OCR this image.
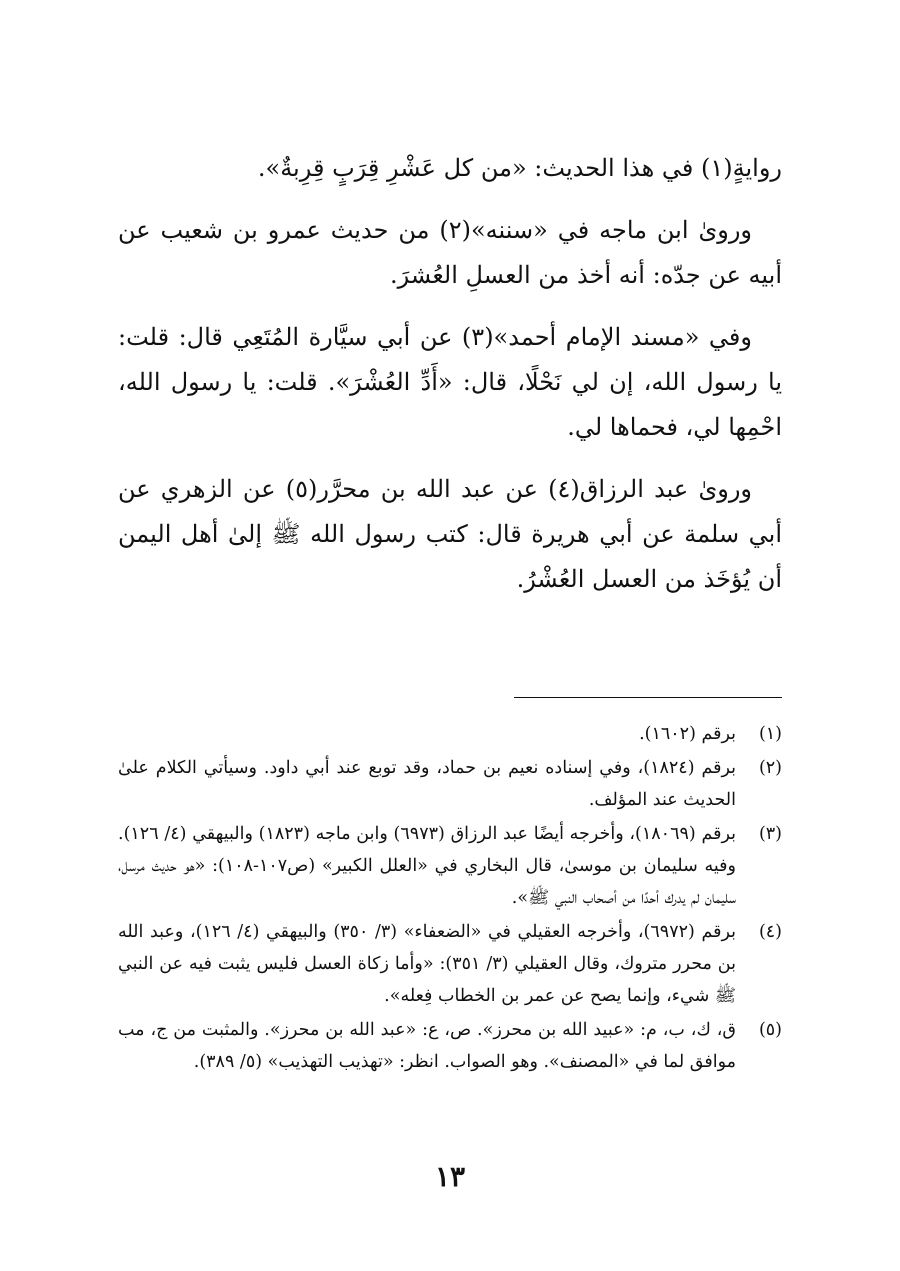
روايةٍ(١) في هذا الحديث: «من كل عَشْرِ قِرَبٍ قِرِبةٌ».

وروىٰ ابن ماجه في «سننه»(٢) من حديث عمرو بن شعيب عن أبيه عن جدّه: أنه أخذ من العسلِ العُشرَ.

وفي «مسند الإمام أحمد»(٣) عن أبي سيَّارة المُتَعِي قال: قلت: يا رسول الله، إن لي نَحْلًا، قال: «أَدِّ العُشْرَ». قلت: يا رسول الله، احْمِها لي، فحماها لي.

وروىٰ عبد الرزاق(٤) عن عبد الله بن محرَّر(٥) عن الزهري عن أبي سلمة عن أبي هريرة قال: كتب رسول الله ﷺ إلىٰ أهل اليمن أن يُؤخَذ من العسل العُشْرُ.

(١)
برقم (١٦٠٢).
(٢)
برقم (١٨٢٤)، وفي إسناده نعيم بن حماد، وقد توبع عند أبي داود. وسيأتي الكلام علىٰ الحديث عند المؤلف.
(٣)
برقم (١٨٠٦٩)، وأخرجه أيضًا عبد الرزاق (٦٩٧٣) وابن ماجه (١٨٢٣) والبيهقي (٤/ ١٢٦). وفيه سليمان بن موسىٰ، قال البخاري في «العلل الكبير» (ص١٠٧-١٠٨): «هو حديث مرسل، سليمان لم يدرك أحدًا من أصحاب النبي ﷺ».
(٤)
برقم (٦٩٧٢)، وأخرجه العقيلي في «الضعفاء» (٣/ ٣٥٠) والبيهقي (٤/ ١٢٦)، وعبد الله بن محرر متروك، وقال العقيلي (٣/ ٣٥١): «وأما زكاة العسل فليس يثبت فيه عن النبي ﷺ شيء، وإنما يصح عن عمر بن الخطاب فِعله».
(٥)
ق، ك، ب، م: «عبيد الله بن محرز». ص، ع: «عبد الله بن محرز». والمثبت من ج، مب موافق لما في «المصنف». وهو الصواب. انظر: «تهذيب التهذيب» (٥/ ٣٨٩).
١٣
